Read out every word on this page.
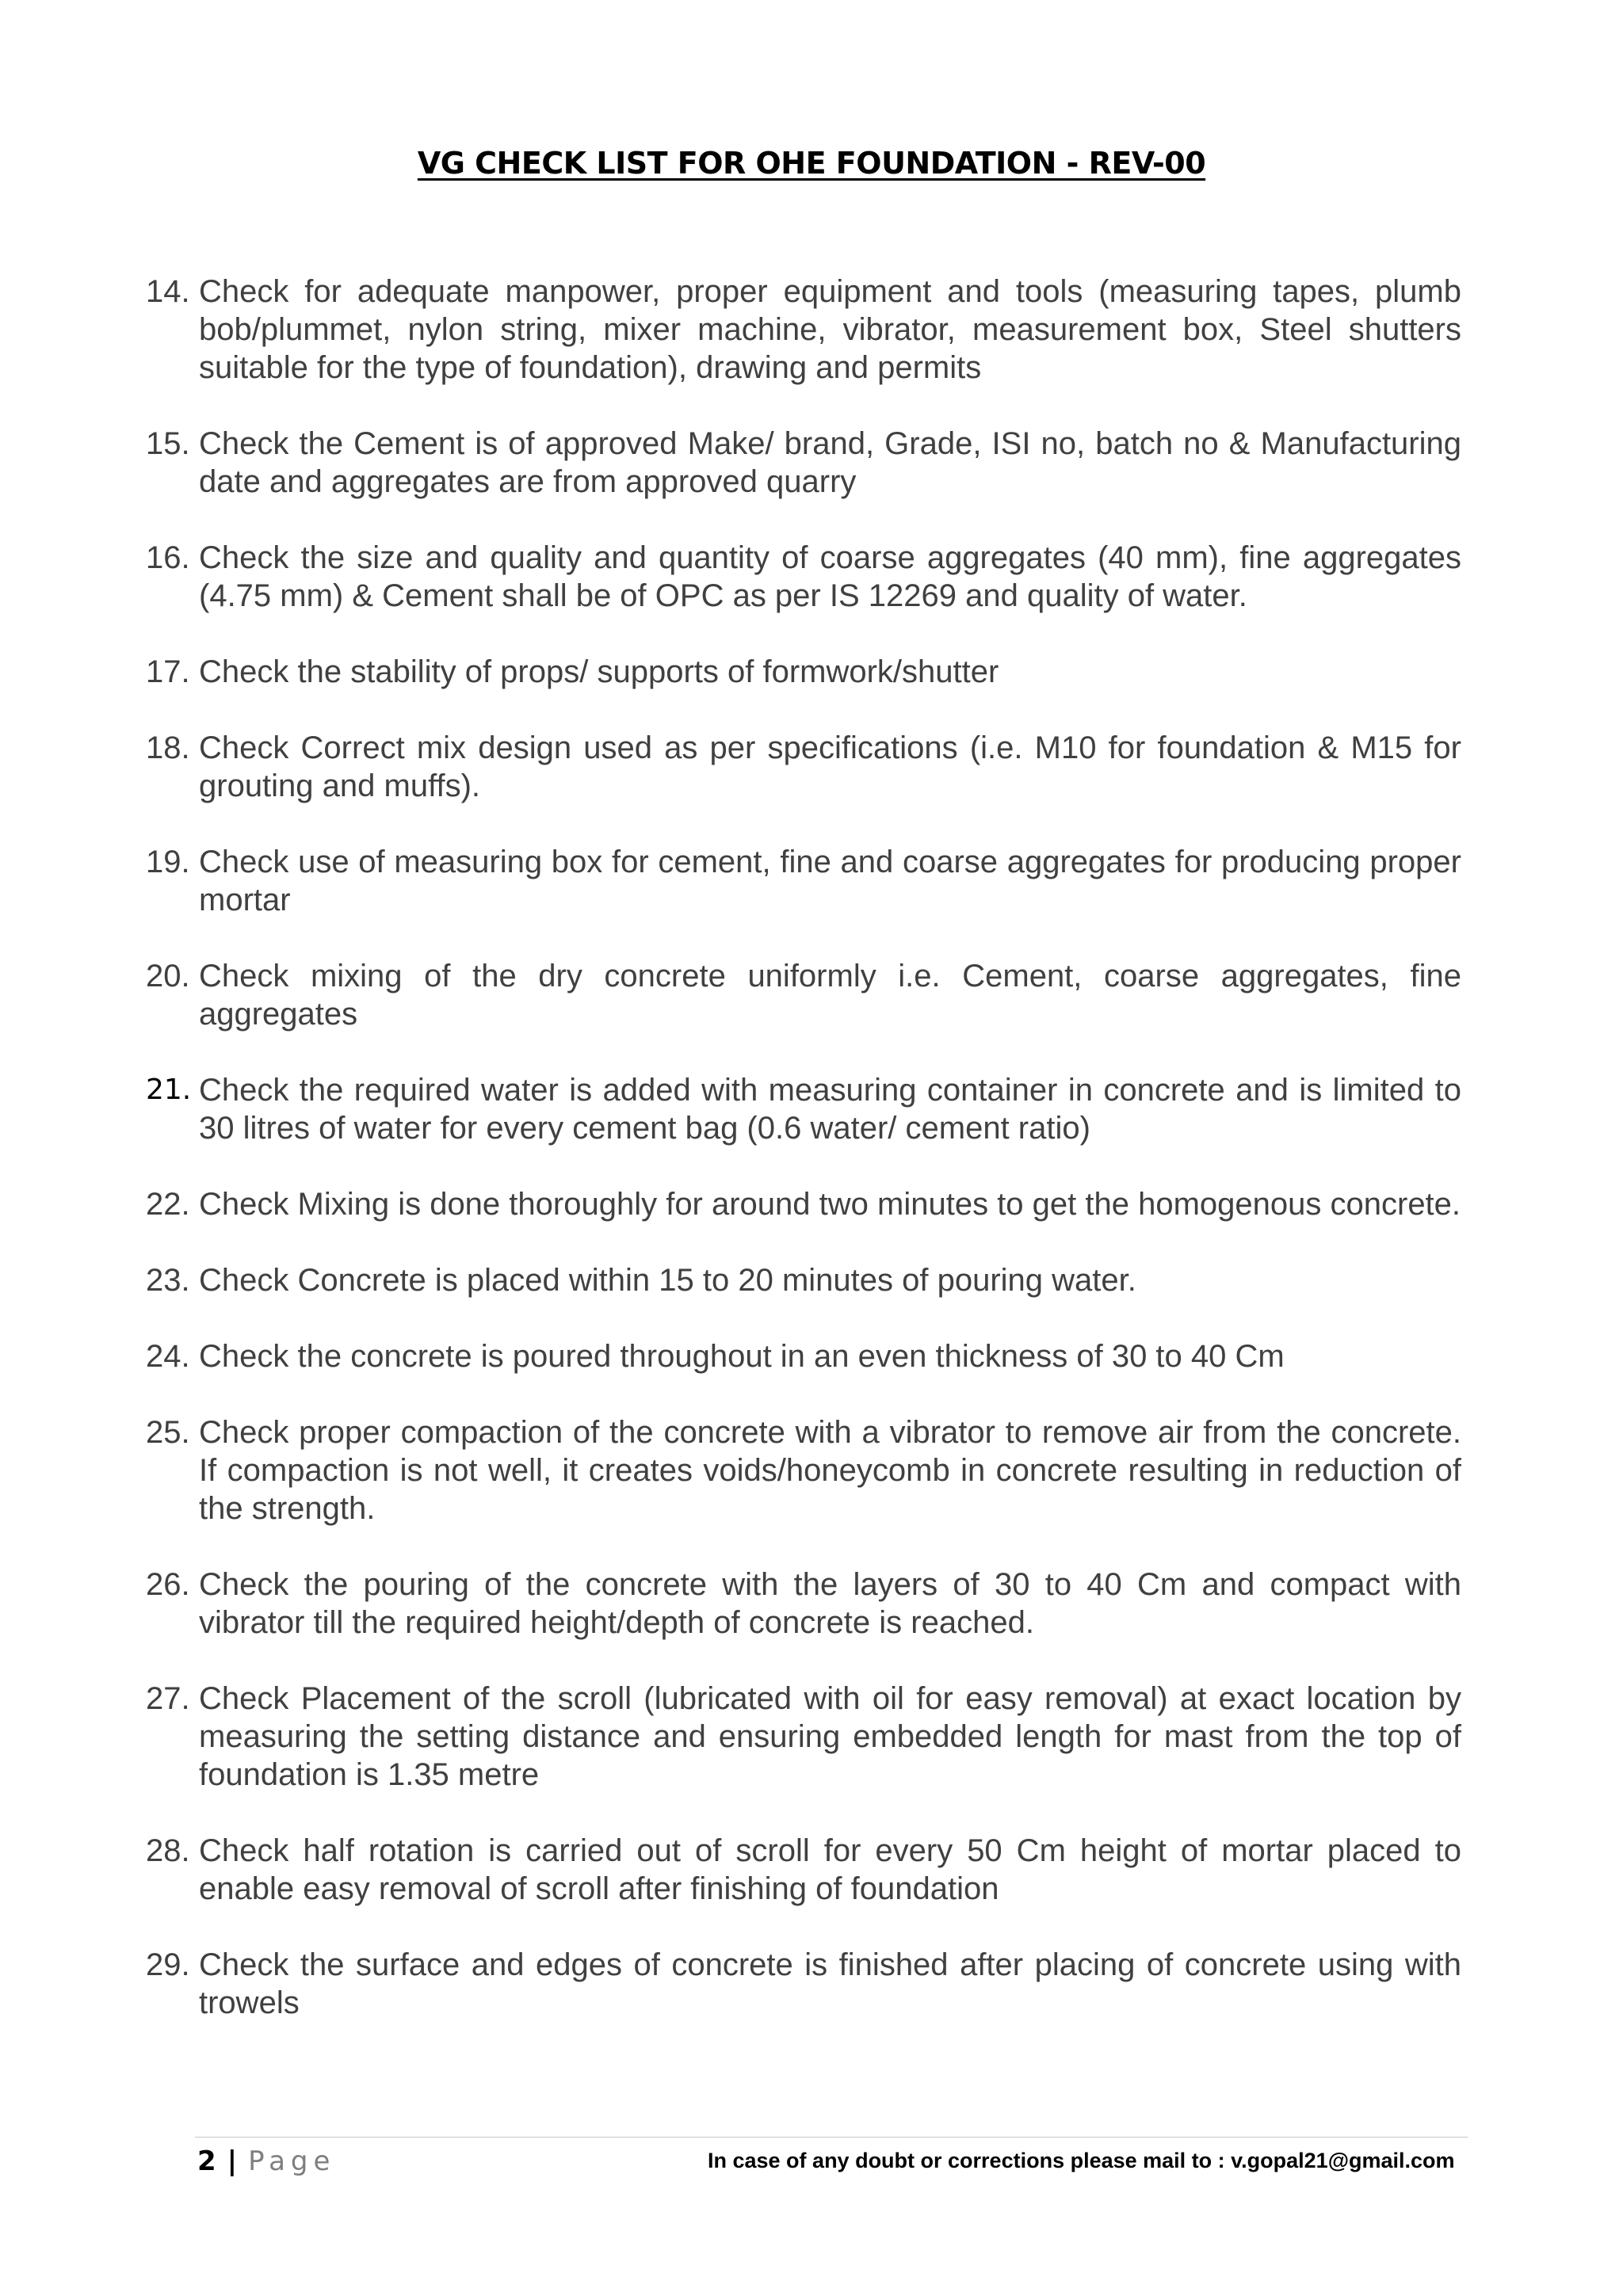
VG CHECK LIST FOR OHE FOUNDATION - REV-00
14. Check for adequate manpower, proper equipment and tools (measuring tapes, plumb bob/plummet, nylon string, mixer machine, vibrator, measurement box, Steel shutters suitable for the type of foundation), drawing and permits
15. Check the Cement is of approved Make/ brand, Grade, ISI no, batch no & Manufacturing date and aggregates are from approved quarry
16. Check the size and quality and quantity of coarse aggregates (40 mm), fine aggregates (4.75 mm) & Cement shall be of OPC as per IS 12269 and quality of water.
17. Check the stability of props/ supports of formwork/shutter
18. Check Correct mix design used as per specifications (i.e. M10 for foundation & M15 for grouting and muffs).
19. Check use of measuring box for cement, fine and coarse aggregates for producing proper mortar
20. Check mixing of the dry concrete uniformly i.e. Cement, coarse aggregates, fine aggregates
21. Check the required water is added with measuring container in concrete and is limited to 30 litres of water for every cement bag (0.6 water/ cement ratio)
22. Check Mixing is done thoroughly for around two minutes to get the homogenous concrete.
23. Check Concrete is placed within 15 to 20 minutes of pouring water.
24. Check the concrete is poured throughout in an even thickness of 30 to 40 Cm
25. Check proper compaction of the concrete with a vibrator to remove air from the concrete. If compaction is not well, it creates voids/honeycomb in concrete resulting in reduction of the strength.
26. Check the pouring of the concrete with the layers of 30 to 40 Cm and compact with vibrator till the required height/depth of concrete is reached.
27. Check Placement of the scroll (lubricated with oil for easy removal) at exact location by measuring the setting distance and ensuring embedded length for mast from the top of foundation is 1.35 metre
28. Check half rotation is carried out of scroll for every 50 Cm height of mortar placed to enable easy removal of scroll after finishing of foundation
29. Check the surface and edges of concrete is finished after placing of concrete using with trowels
2 | Page	In case of any doubt or corrections please mail to : v.gopal21@gmail.com
